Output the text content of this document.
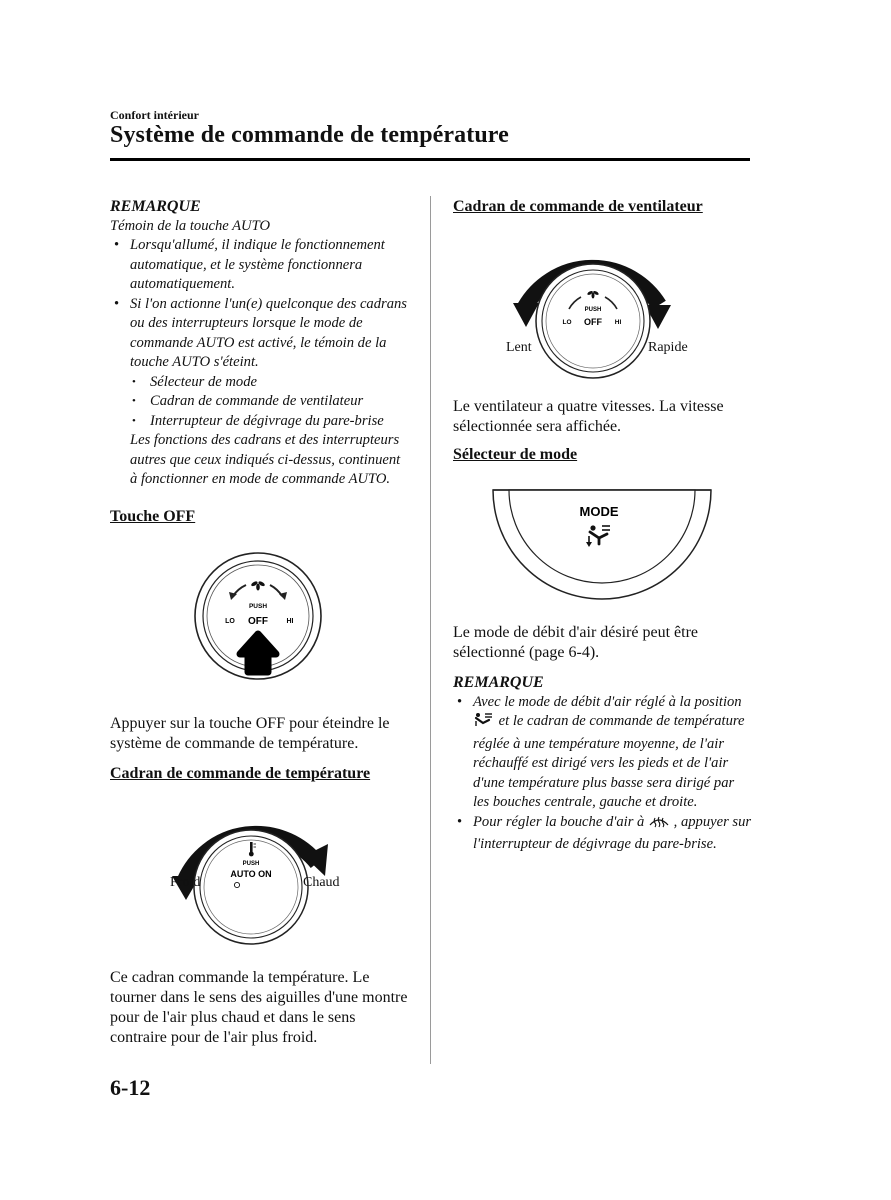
Confort intérieur
Système de commande de température
REMARQUE
Témoin de la touche AUTO
• Lorsqu'allumé, il indique le fonctionnement automatique, et le système fonctionnera automatiquement.
• Si l'on actionne l'un(e) quelconque des cadrans ou des interrupteurs lorsque le mode de commande AUTO est activé, le témoin de la touche AUTO s'éteint.
• Sélecteur de mode
• Cadran de commande de ventilateur
• Interrupteur de dégivrage du pare-brise
Les fonctions des cadrans et des interrupteurs autres que ceux indiqués ci-dessus, continuent à fonctionner en mode de commande AUTO.
Touche OFF
PUSH
LO OFF	HI

Appuyer sur la touche OFF pour éteindre le système de commande de température.

Cadran de commande de température
PUSH
AUTO ON
Froid	Chaud

Ce cadran commande la température. Le tourner dans le sens des aiguilles d'une montre pour de l'air plus chaud et dans le sens contraire pour de l'air plus froid.

Cadran de commande de ventilateur
PUSH
LO OFF HI
Lent	Rapide

Le ventilateur a quatre vitesses. La vitesse sélectionnée sera affichée.

Sélecteur de mode
MODE

Le mode de débit d'air désiré peut être sélectionné (page 6-4).

REMARQUE
• Avec le mode de débit d'air réglé à la position  et le cadran de commande de température réglée à une température moyenne, de l'air réchauffé est dirigé vers les pieds et de l'air d'une température plus basse sera dirigé par les bouches centrale, gauche et droite.
• Pour régler la bouche d'air à , appuyer sur l'interrupteur de dégivrage du pare-brise.
6-12
